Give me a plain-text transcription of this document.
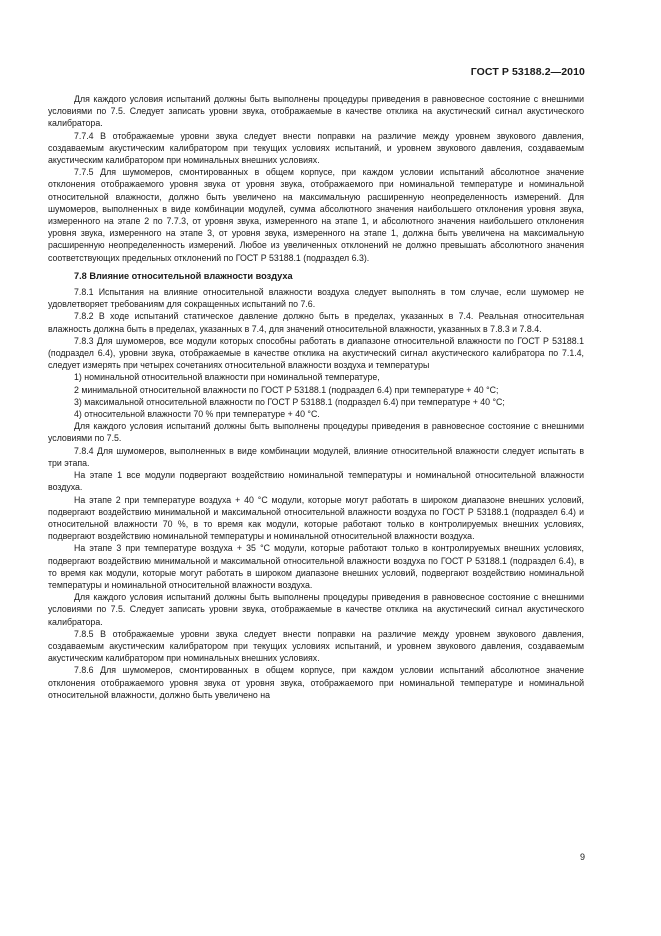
ГОСТ Р 53188.2—2010

Для каждого условия испытаний должны быть выполнены процедуры приведения в равновесное состояние с внешними условиями по 7.5. Следует записать уровни звука, отображаемые в качестве отклика на акустический сигнал акустического калибратора.

7.7.4 В отображаемые уровни звука следует внести поправки на различие между уровнем звукового давления, создаваемым акустическим калибратором при текущих условиях испытаний, и уровнем звукового давления, создаваемым акустическим калибратором при номинальных внешних условиях.

7.7.5 Для шумомеров, смонтированных в общем корпусе, при каждом условии испытаний абсолютное значение отклонения отображаемого уровня звука от уровня звука, отображаемого при номинальной температуре и номинальной относительной влажности, должно быть увеличено на максимальную расширенную неопределенность измерений. Для шумомеров, выполненных в виде комбинации модулей, сумма абсолютного значения наибольшего отклонения уровня звука, измеренного на этапе 2 по 7.7.3, от уровня звука, измеренного на этапе 1, и абсолютного значения наибольшего отклонения уровня звука, измеренного на этапе 3, от уровня звука, измеренного на этапе 1, должна быть увеличена на максимальную расширенную неопределенность измерений. Любое из увеличенных отклонений не должно превышать абсолютного значения соответствующих предельных отклонений по ГОСТ Р 53188.1 (подраздел 6.3).

7.8 Влияние относительной влажности воздуха

7.8.1 Испытания на влияние относительной влажности воздуха следует выполнять в том случае, если шумомер не удовлетворяет требованиям для сокращенных испытаний по 7.6.

7.8.2 В ходе испытаний статическое давление должно быть в пределах, указанных в 7.4. Реальная относительная влажность должна быть в пределах, указанных в 7.4, для значений относительной влажности, указанных в 7.8.3 и 7.8.4.

7.8.3 Для шумомеров, все модули которых способны работать в диапазоне относительной влажности по ГОСТ Р 53188.1 (подраздел 6.4), уровни звука, отображаемые в качестве отклика на акустический сигнал акустического калибратора по 7.1.4, следует измерять при четырех сочетаниях относительной влажности воздуха и температуры

1) номинальной относительной влажности при номинальной температуре,

2 минимальной относительной влажности по ГОСТ Р 53188.1 (подраздел 6.4) при температуре + 40 °С;

3) максимальной относительной влажности по ГОСТ Р 53188.1 (подраздел 6.4) при температуре + 40 °С;

4) относительной влажности 70 % при температуре + 40 °С.

Для каждого условия испытаний должны быть выполнены процедуры приведения в равновесное состояние с внешними условиями по 7.5.

7.8.4 Для шумомеров, выполненных в виде комбинации модулей, влияние относительной влажности следует испытать в три этапа.

На этапе 1 все модули подвергают воздействию номинальной температуры и номинальной относительной влажности воздуха.

На этапе 2 при температуре воздуха + 40 °С модули, которые могут работать в широком диапазоне внешних условий, подвергают воздействию минимальной и максимальной относительной влажности воздуха по ГОСТ Р 53188.1 (подраздел 6.4) и относительной влажности 70 %, в то время как модули, которые работают только в контролируемых внешних условиях, подвергают воздействию номинальной температуры и номинальной относительной влажности воздуха.

На этапе 3 при температуре воздуха + 35 °С модули, которые работают только в контролируемых внешних условиях, подвергают воздействию минимальной и максимальной относительной влажности воздуха по ГОСТ Р 53188.1 (подраздел 6.4), в то время как модули, которые могут работать в широком диапазоне внешних условий, подвергают воздействию номинальной температуры и номинальной относительной влажности воздуха.

Для каждого условия испытаний должны быть выполнены процедуры приведения в равновесное состояние с внешними условиями по 7.5. Следует записать уровни звука, отображаемые в качестве отклика на акустический сигнал акустического калибратора.

7.8.5 В отображаемые уровни звука следует внести поправки на различие между уровнем звукового давления, создаваемым акустическим калибратором при текущих условиях испытаний, и уровнем звукового давления, создаваемым акустическим калибратором при номинальных внешних условиях.

7.8.6 Для шумомеров, смонтированных в общем корпусе, при каждом условии испытаний абсолютное значение отклонения отображаемого уровня звука от уровня звука, отображаемого при номинальной температуре и номинальной относительной влажности, должно быть увеличено на

9
